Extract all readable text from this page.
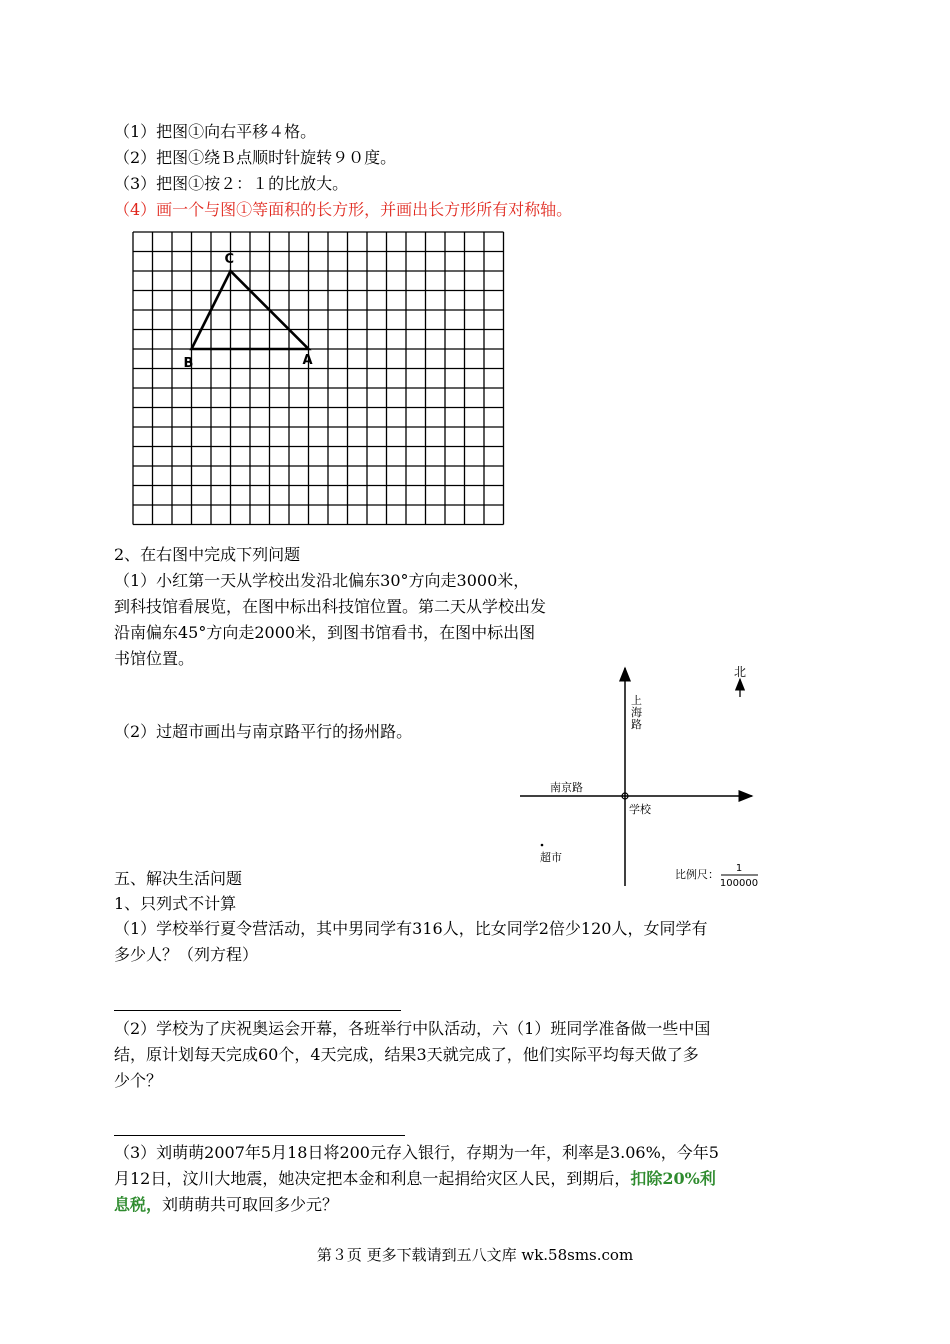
（1）把图①向右平移４格。
（2）把图①绕Ｂ点顺时针旋转９０度。
（3）把图①按２：１的比放大。
（4）画一个与图①等面积的长方形，并画出长方形所有对称轴。
C
B	A
2、在右图中完成下列问题
（1）小红第一天从学校出发沿北偏东30°方向走3000米，
到科技馆看展览，在图中标出科技馆位置。第二天从学校出发
沿南偏东45°方向走2000米，到图书馆看书，在图中标出图
书馆位置。
（2）过超市画出与南京路平行的扬州路。
北
上
海
路
南京路
学校
超市
比例尺： 1
100000
五、解决生活问题
1、只列式不计算
（1）学校举行夏令营活动，其中男同学有316人，比女同学2倍少120人，女同学有
多少人？（列方程）
（2）学校为了庆祝奥运会开幕，各班举行中队活动，六（1）班同学准备做一些中国
结，原计划每天完成60个，4天完成，结果3天就完成了，他们实际平均每天做了多
少个？
（3）刘萌萌2007年5月18日将200元存入银行，存期为一年，利率是3.06%，今年5
月12日，汶川大地震，她决定把本金和利息一起捐给灾区人民，到期后，扣除20%利
息税，刘萌萌共可取回多少元？
第３页 更多下载请到五八文库 wk.58sms.com
